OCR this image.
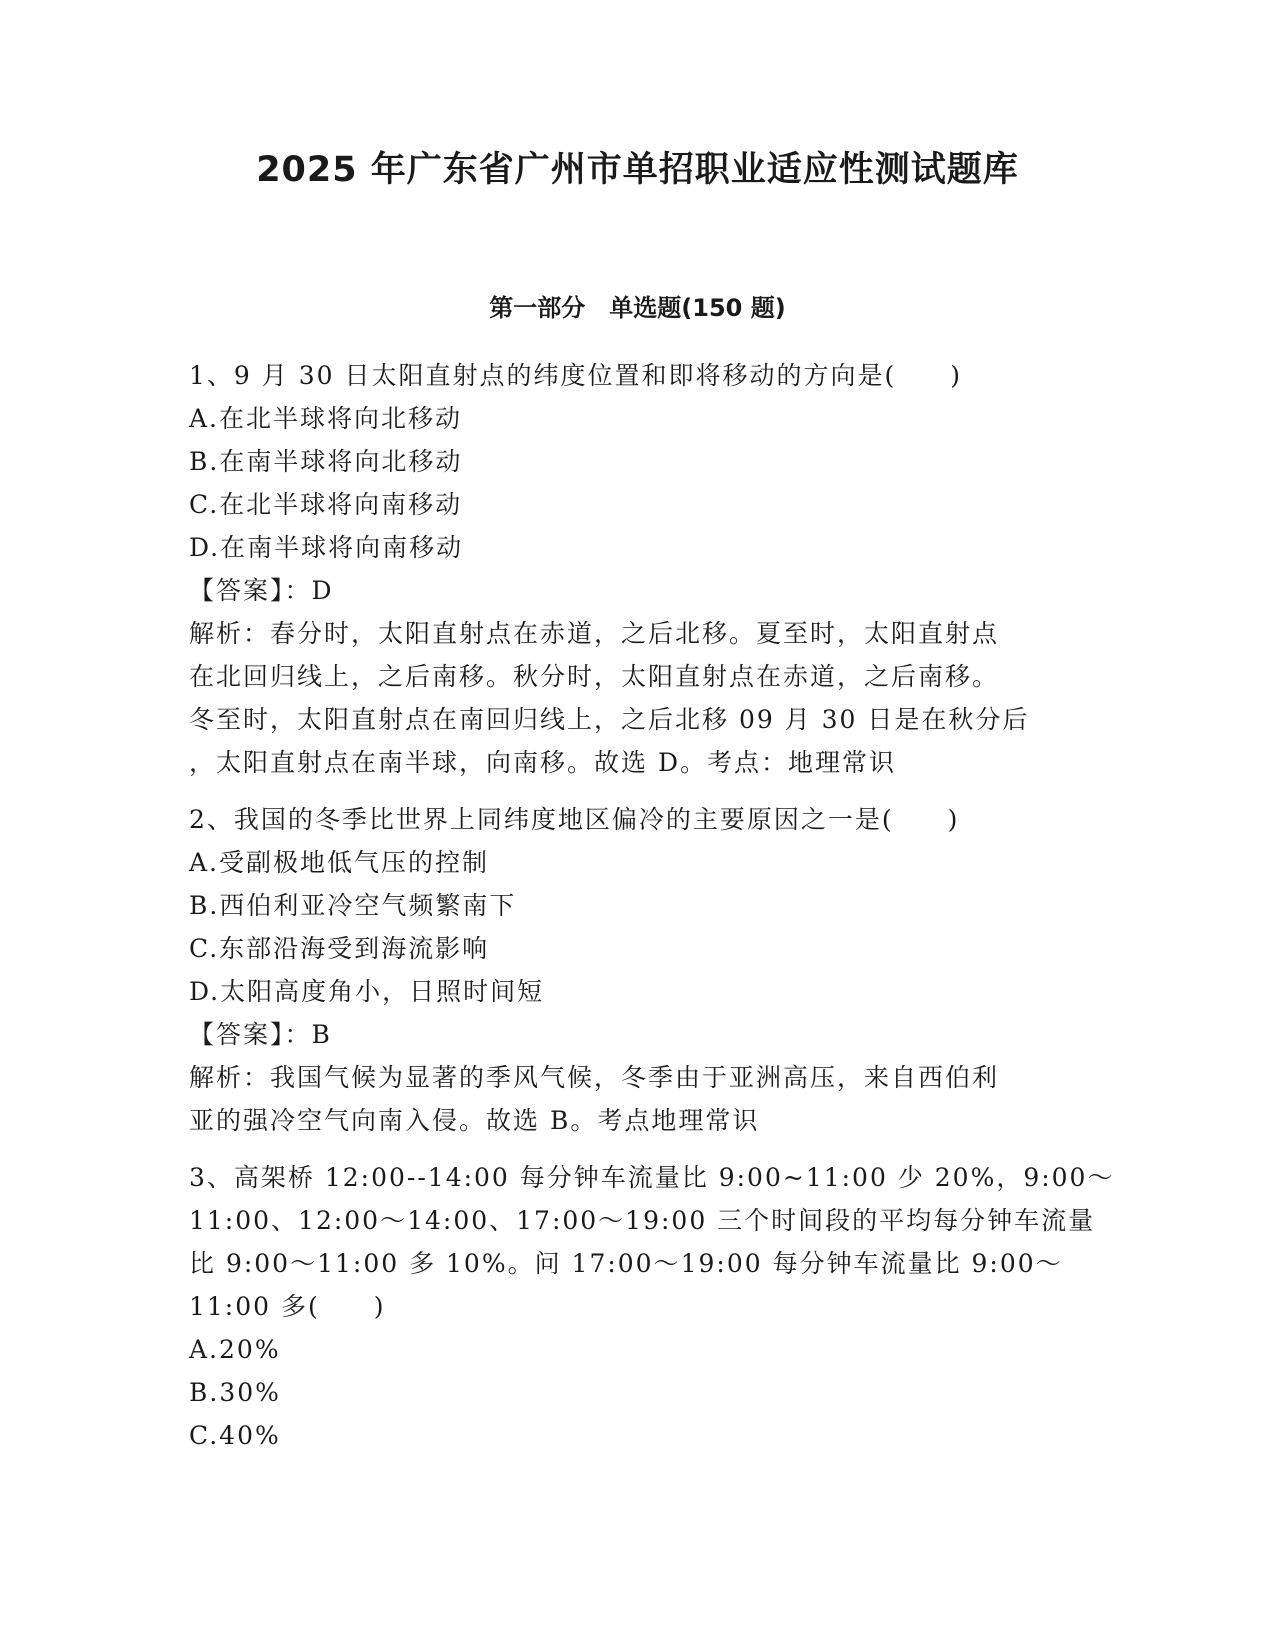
2025 年广东省广州市单招职业适应性测试题库
第一部分　单选题(150 题)
1、9 月 30 日太阳直射点的纬度位置和即将移动的方向是(　　)
A.在北半球将向北移动
B.在南半球将向北移动
C.在北半球将向南移动
D.在南半球将向南移动
【答案】：D
解析：春分时，太阳直射点在赤道，之后北移。夏至时，太阳直射点
在北回归线上，之后南移。秋分时，太阳直射点在赤道，之后南移。
冬至时，太阳直射点在南回归线上，之后北移 09 月 30 日是在秋分后
，太阳直射点在南半球，向南移。故选 D。考点：地理常识
2、我国的冬季比世界上同纬度地区偏冷的主要原因之一是(　　)
A.受副极地低气压的控制
B.西伯利亚冷空气频繁南下
C.东部沿海受到海流影响
D.太阳高度角小，日照时间短
【答案】：B
解析：我国气候为显著的季风气候，冬季由于亚洲高压，来自西伯利
亚的强冷空气向南入侵。故选 B。考点地理常识
3、高架桥 12:00--14:00 每分钟车流量比 9:00~11:00 少 20%，9:00～
11:00、12:00～14:00、17:00～19:00 三个时间段的平均每分钟车流量
比 9:00～11:00 多 10%。问 17:00～19:00 每分钟车流量比 9:00～
11:00 多(　　)
A.20%
B.30%
C.40%
